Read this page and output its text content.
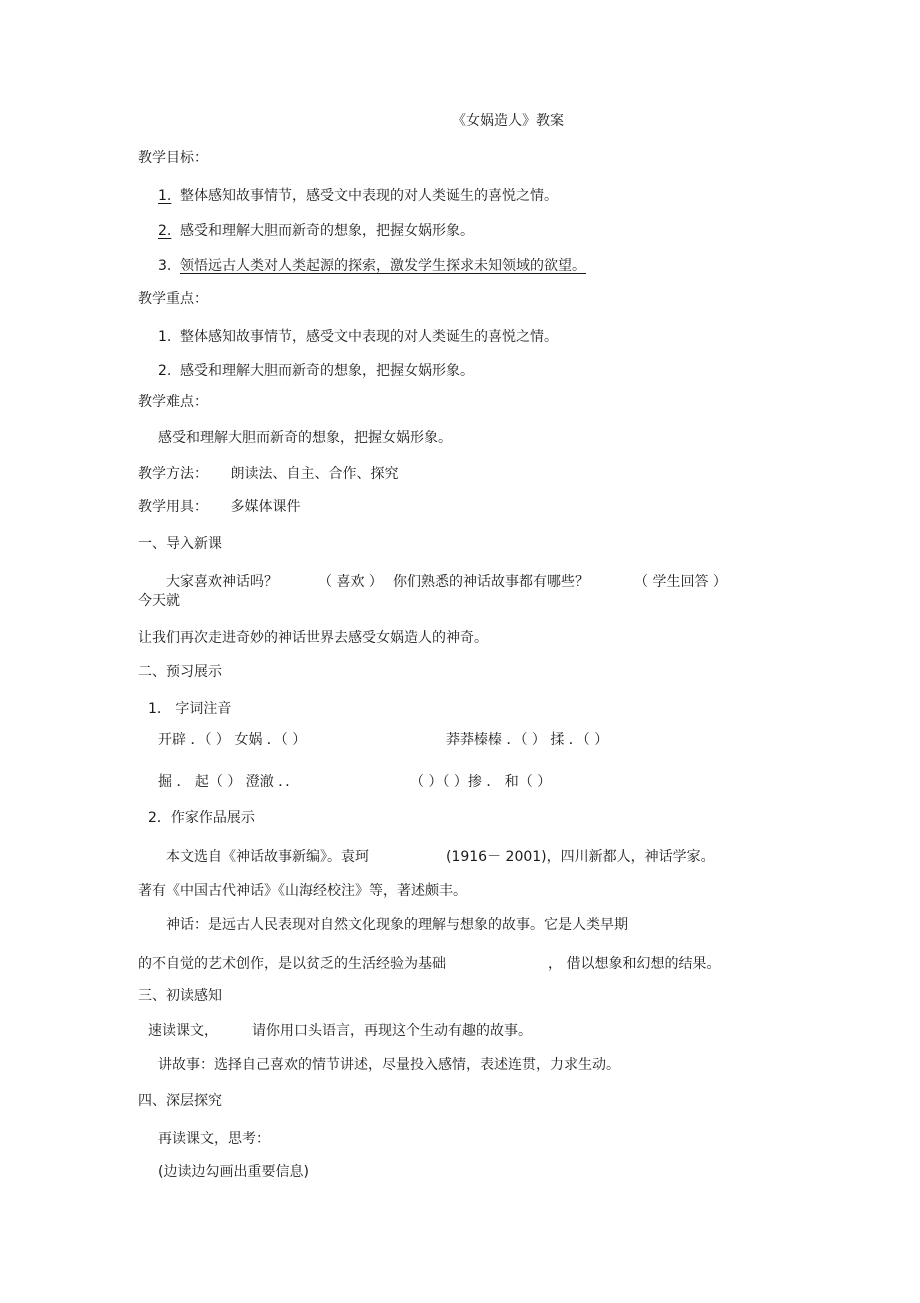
《女娲造人》教案
教学目标：
1. 整体感知故事情节，感受文中表现的对人类诞生的喜悦之情。
2. 感受和理解大胆而新奇的想象，把握女娲形象。
3. 领悟远古人类对人类起源的探索，激发学生探求未知领域的欲望。
教学重点：
1. 整体感知故事情节，感受文中表现的对人类诞生的喜悦之情。
2. 感受和理解大胆而新奇的想象，把握女娲形象。
教学难点：
感受和理解大胆而新奇的想象，把握女娲形象。
教学方法： 朗读法、自主、合作、探究
教学用具： 多媒体课件
一、导入新课
大家喜欢神话吗？	（ 喜欢 ） 你们熟悉的神话故事都有哪些？	（ 学生回答 ）
今天就
让我们再次走进奇妙的神话世界去感受女娲造人的神奇。
二、预习展示
1． 字词注音
开辟 ．（ ） 女娲 ．（ ）	莽莽榛榛 ．（ ） 揉 ．（ ）
掘 ． 起（ ） 澄澈 ．．	（ ）（ ）掺 ． 和（ ）
2．作家作品展示
本文选自《神话故事新编》。袁珂	(1916－ 2001)，四川新都人，神话学家。
著有《中国古代神话》《山海经校注》等，著述颇丰。
神话：是远古人民表现对自然文化现象的理解与想象的故事。它是人类早期
的不自觉的艺术创作，是以贫乏的生活经验为基础	， 借以想象和幻想的结果。
三、初读感知
速读课文， 请你用口头语言，再现这个生动有趣的故事。
讲故事：选择自己喜欢的情节讲述，尽量投入感情，表述连贯，力求生动。
四、深层探究
再读课文，思考：
(边读边勾画出重要信息)
